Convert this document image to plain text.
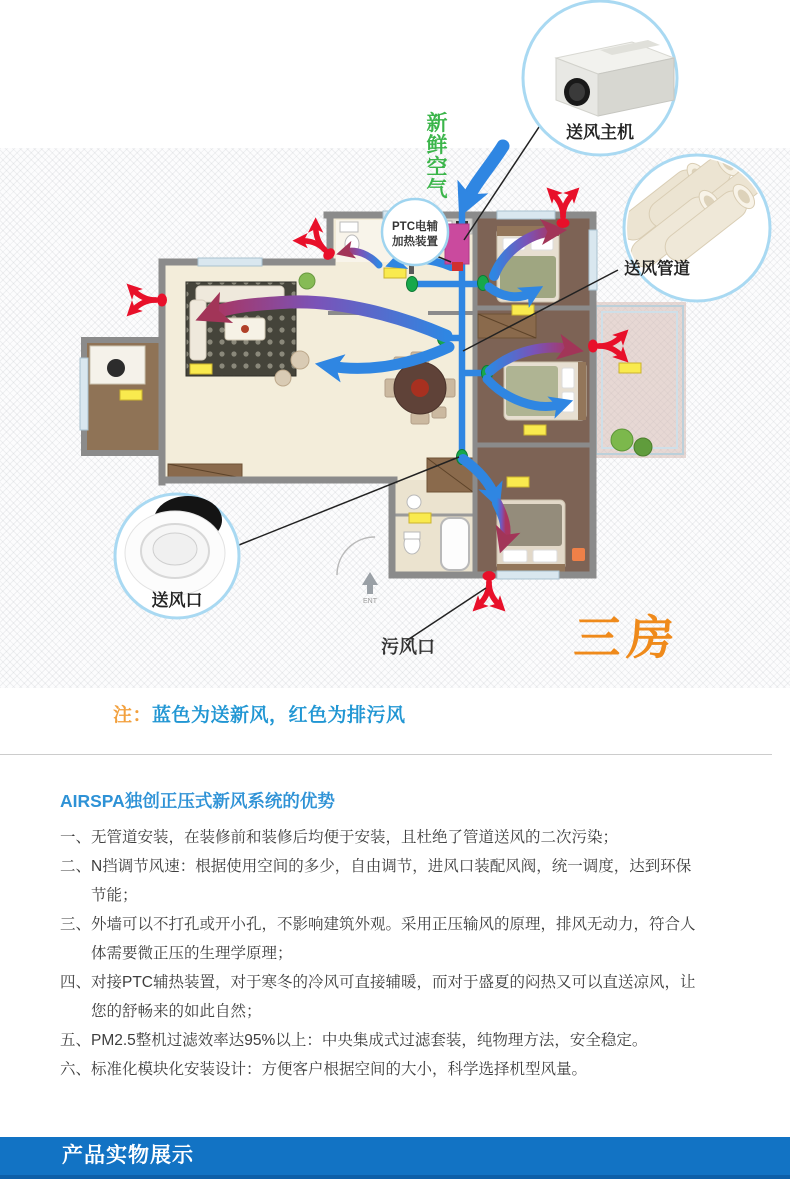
ENT
送风主机
送风管道
送风口
PTC电辅
加热装置
新
鲜
空
气
污风口	三房
注：蓝色为送新风，红色为排污风
AIRSPA独创正压式新风系统的优势
一、 无管道安装，在装修前和装修后均便于安装，且杜绝了管道送风的二次污染；
二、 N挡调节风速：根据使用空间的多少，自由调节，进风口装配风阀，统一调度，达到环保
节能；
三、 外墙可以不打孔或开小孔，不影响建筑外观。采用正压输风的原理，排风无动力，符合人
体需要微正压的生理学原理；
四、 对接PTC辅热装置，对于寒冬的冷风可直接辅暖，而对于盛夏的闷热又可以直送凉风，让
您的舒畅来的如此自然；
五、 PM2.5整机过滤效率达95%以上：中央集成式过滤套装，纯物理方法，安全稳定。
六、 标准化模块化安装设计：方便客户根据空间的大小，科学选择机型风量。
产品实物展示
